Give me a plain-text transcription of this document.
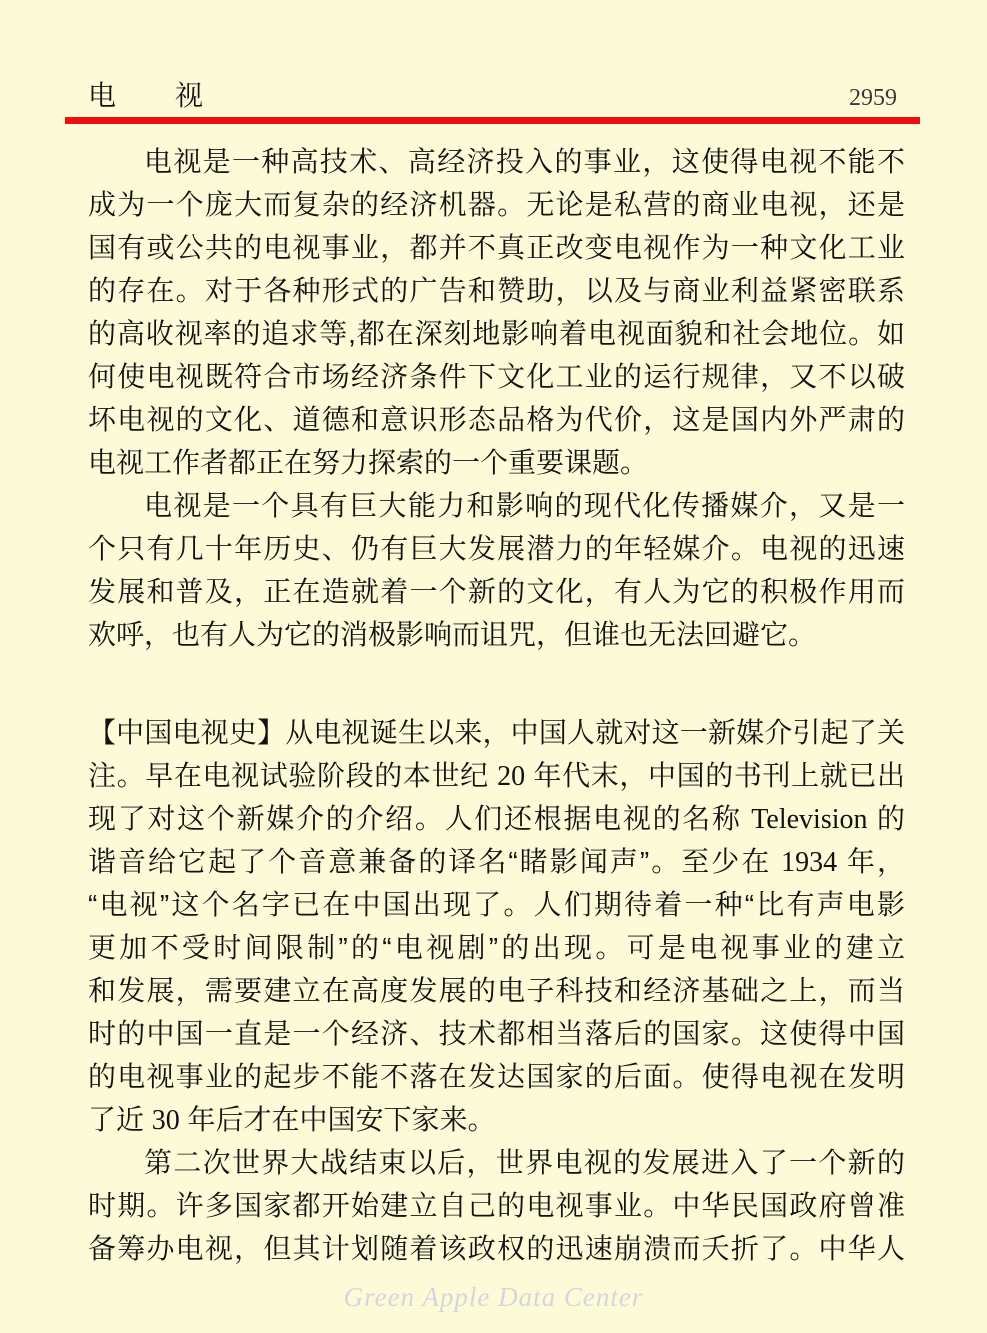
电　　视	2959
电视是一种高技术、高经济投入的事业，这使得电视不能不
成为一个庞大而复杂的经济机器。无论是私营的商业电视，还是
国有或公共的电视事业，都并不真正改变电视作为一种文化工业
的存在。对于各种形式的广告和赞助，以及与商业利益紧密联系
的高收视率的追求等,都在深刻地影响着电视面貌和社会地位。如
何使电视既符合市场经济条件下文化工业的运行规律，又不以破
坏电视的文化、道德和意识形态品格为代价，这是国内外严肃的
电视工作者都正在努力探索的一个重要课题。
电视是一个具有巨大能力和影响的现代化传播媒介，又是一
个只有几十年历史、仍有巨大发展潜力的年轻媒介。电视的迅速
发展和普及，正在造就着一个新的文化，有人为它的积极作用而
欢呼，也有人为它的消极影响而诅咒，但谁也无法回避它。
【中国电视史】从电视诞生以来，中国人就对这一新媒介引起了关
注。早在电视试验阶段的本世纪 20 年代末，中国的书刊上就已出
现了对这个新媒介的介绍。人们还根据电视的名称 Television 的
谐音给它起了个音意兼备的译名“睹影闻声”。至少在 1934 年，
“电视”这个名字已在中国出现了。人们期待着一种“比有声电影
更加不受时间限制”的“电视剧”的出现。可是电视事业的建立
和发展，需要建立在高度发展的电子科技和经济基础之上，而当
时的中国一直是一个经济、技术都相当落后的国家。这使得中国
的电视事业的起步不能不落在发达国家的后面。使得电视在发明
了近 30 年后才在中国安下家来。
第二次世界大战结束以后，世界电视的发展进入了一个新的
时期。许多国家都开始建立自己的电视事业。中华民国政府曾准
备筹办电视，但其计划随着该政权的迅速崩溃而夭折了。中华人
Green Apple Data Center
